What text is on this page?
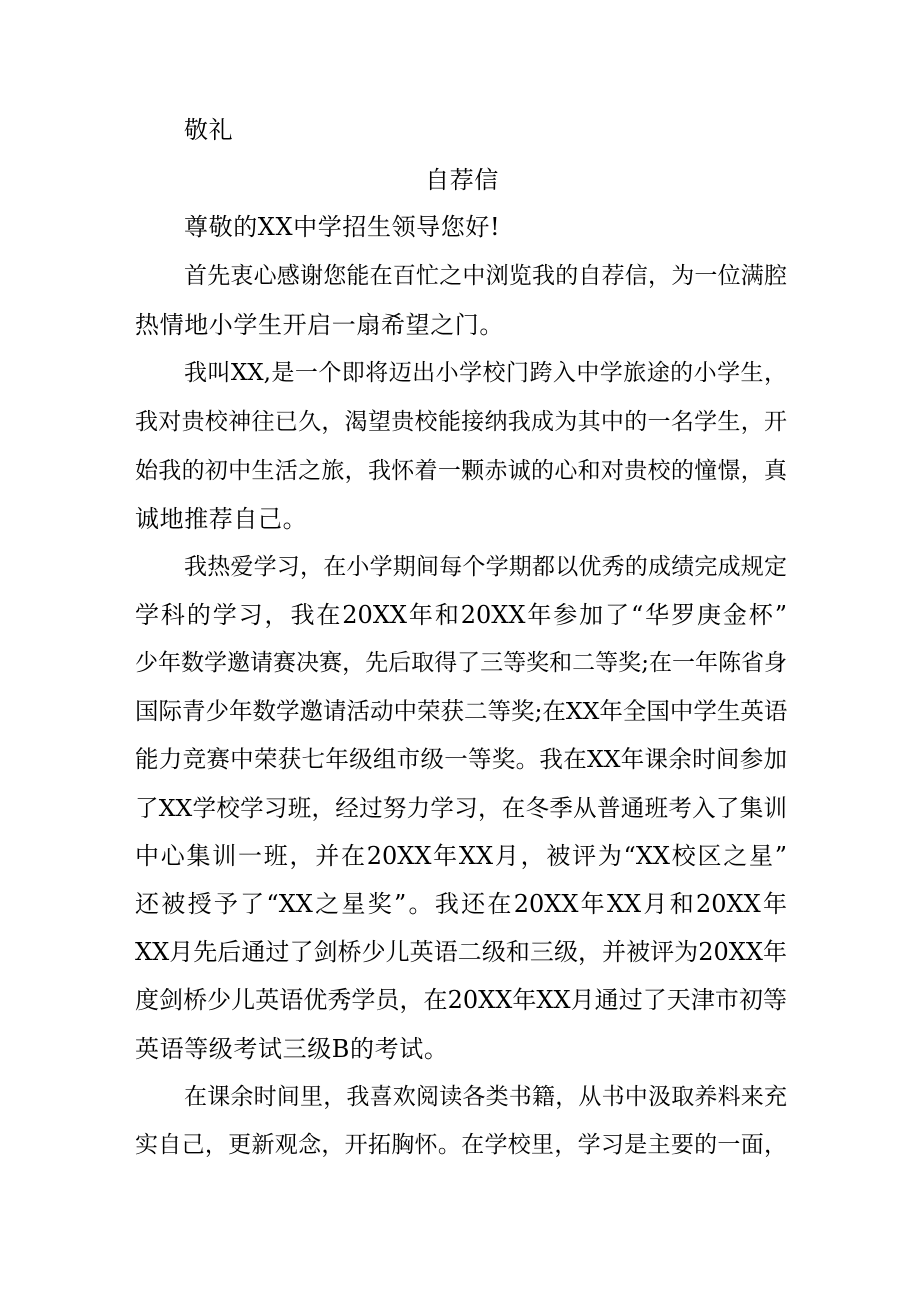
敬礼
自荐信
尊敬的XX中学招生领导您好!
首先衷心感谢您能在百忙之中浏览我的自荐信，为一位满腔
热情地小学生开启一扇希望之门。
我叫XX,是一个即将迈出小学校门跨入中学旅途的小学生，
我对贵校神往已久，渴望贵校能接纳我成为其中的一名学生，开
始我的初中生活之旅，我怀着一颗赤诚的心和对贵校的憧憬，真
诚地推荐自己。
我热爱学习，在小学期间每个学期都以优秀的成绩完成规定
学科的学习，我在20XX年和20XX年参加了“华罗庚金杯”
少年数学邀请赛决赛，先后取得了三等奖和二等奖;在一年陈省身
国际青少年数学邀请活动中荣获二等奖;在XX年全国中学生英语
能力竞赛中荣获七年级组市级一等奖。我在XX年课余时间参加
了XX学校学习班，经过努力学习，在冬季从普通班考入了集训
中心集训一班，并在20XX年XX月，被评为“XX校区之星”
还被授予了“XX之星奖”。我还在20XX年XX月和20XX年
XX月先后通过了剑桥少儿英语二级和三级，并被评为20XX年
度剑桥少儿英语优秀学员，在20XX年XX月通过了天津市初等
英语等级考试三级B的考试。
在课余时间里，我喜欢阅读各类书籍，从书中汲取养料来充
实自己，更新观念，开拓胸怀。在学校里，学习是主要的一面，
